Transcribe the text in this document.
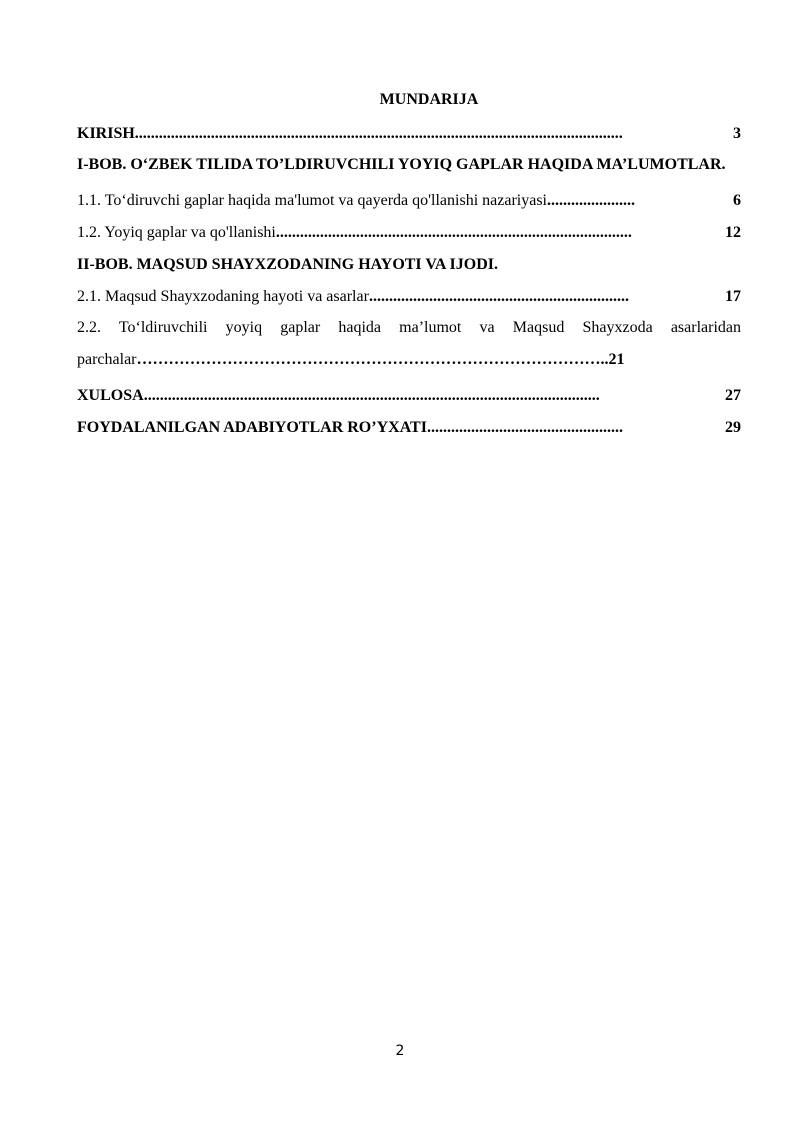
MUNDARIJA
KIRISH ..........................................................................................................................	3
I-BOB. O‘ZBEK TILIDA TO’LDIRUVCHILI YOYIQ GAPLAR HAQIDA MA’LUMOTLAR.
1.1. To‘diruvchi gaplar haqida ma'lumot va qayerda qo'llanishi nazariyasi ......................	6
1.2. Yoyiq gaplar va qo'llanishi .........................................................................................	12
II-BOB. MAQSUD SHAYXZODANING HAYOTI VA IJODI.
2.1. Maqsud Shayxzodaning hayoti va asarlar .................................................................	17
2.2. To‘ldiruvchili yoyiq gaplar haqida ma’lumot va Maqsud Shayxzoda asarlaridan parchalar……………………………………………………………………………..21
XULOSA ..................................................................................................................	27
FOYDALANILGAN ADABIYOTLAR RO’YXATI .................................................	29
2
